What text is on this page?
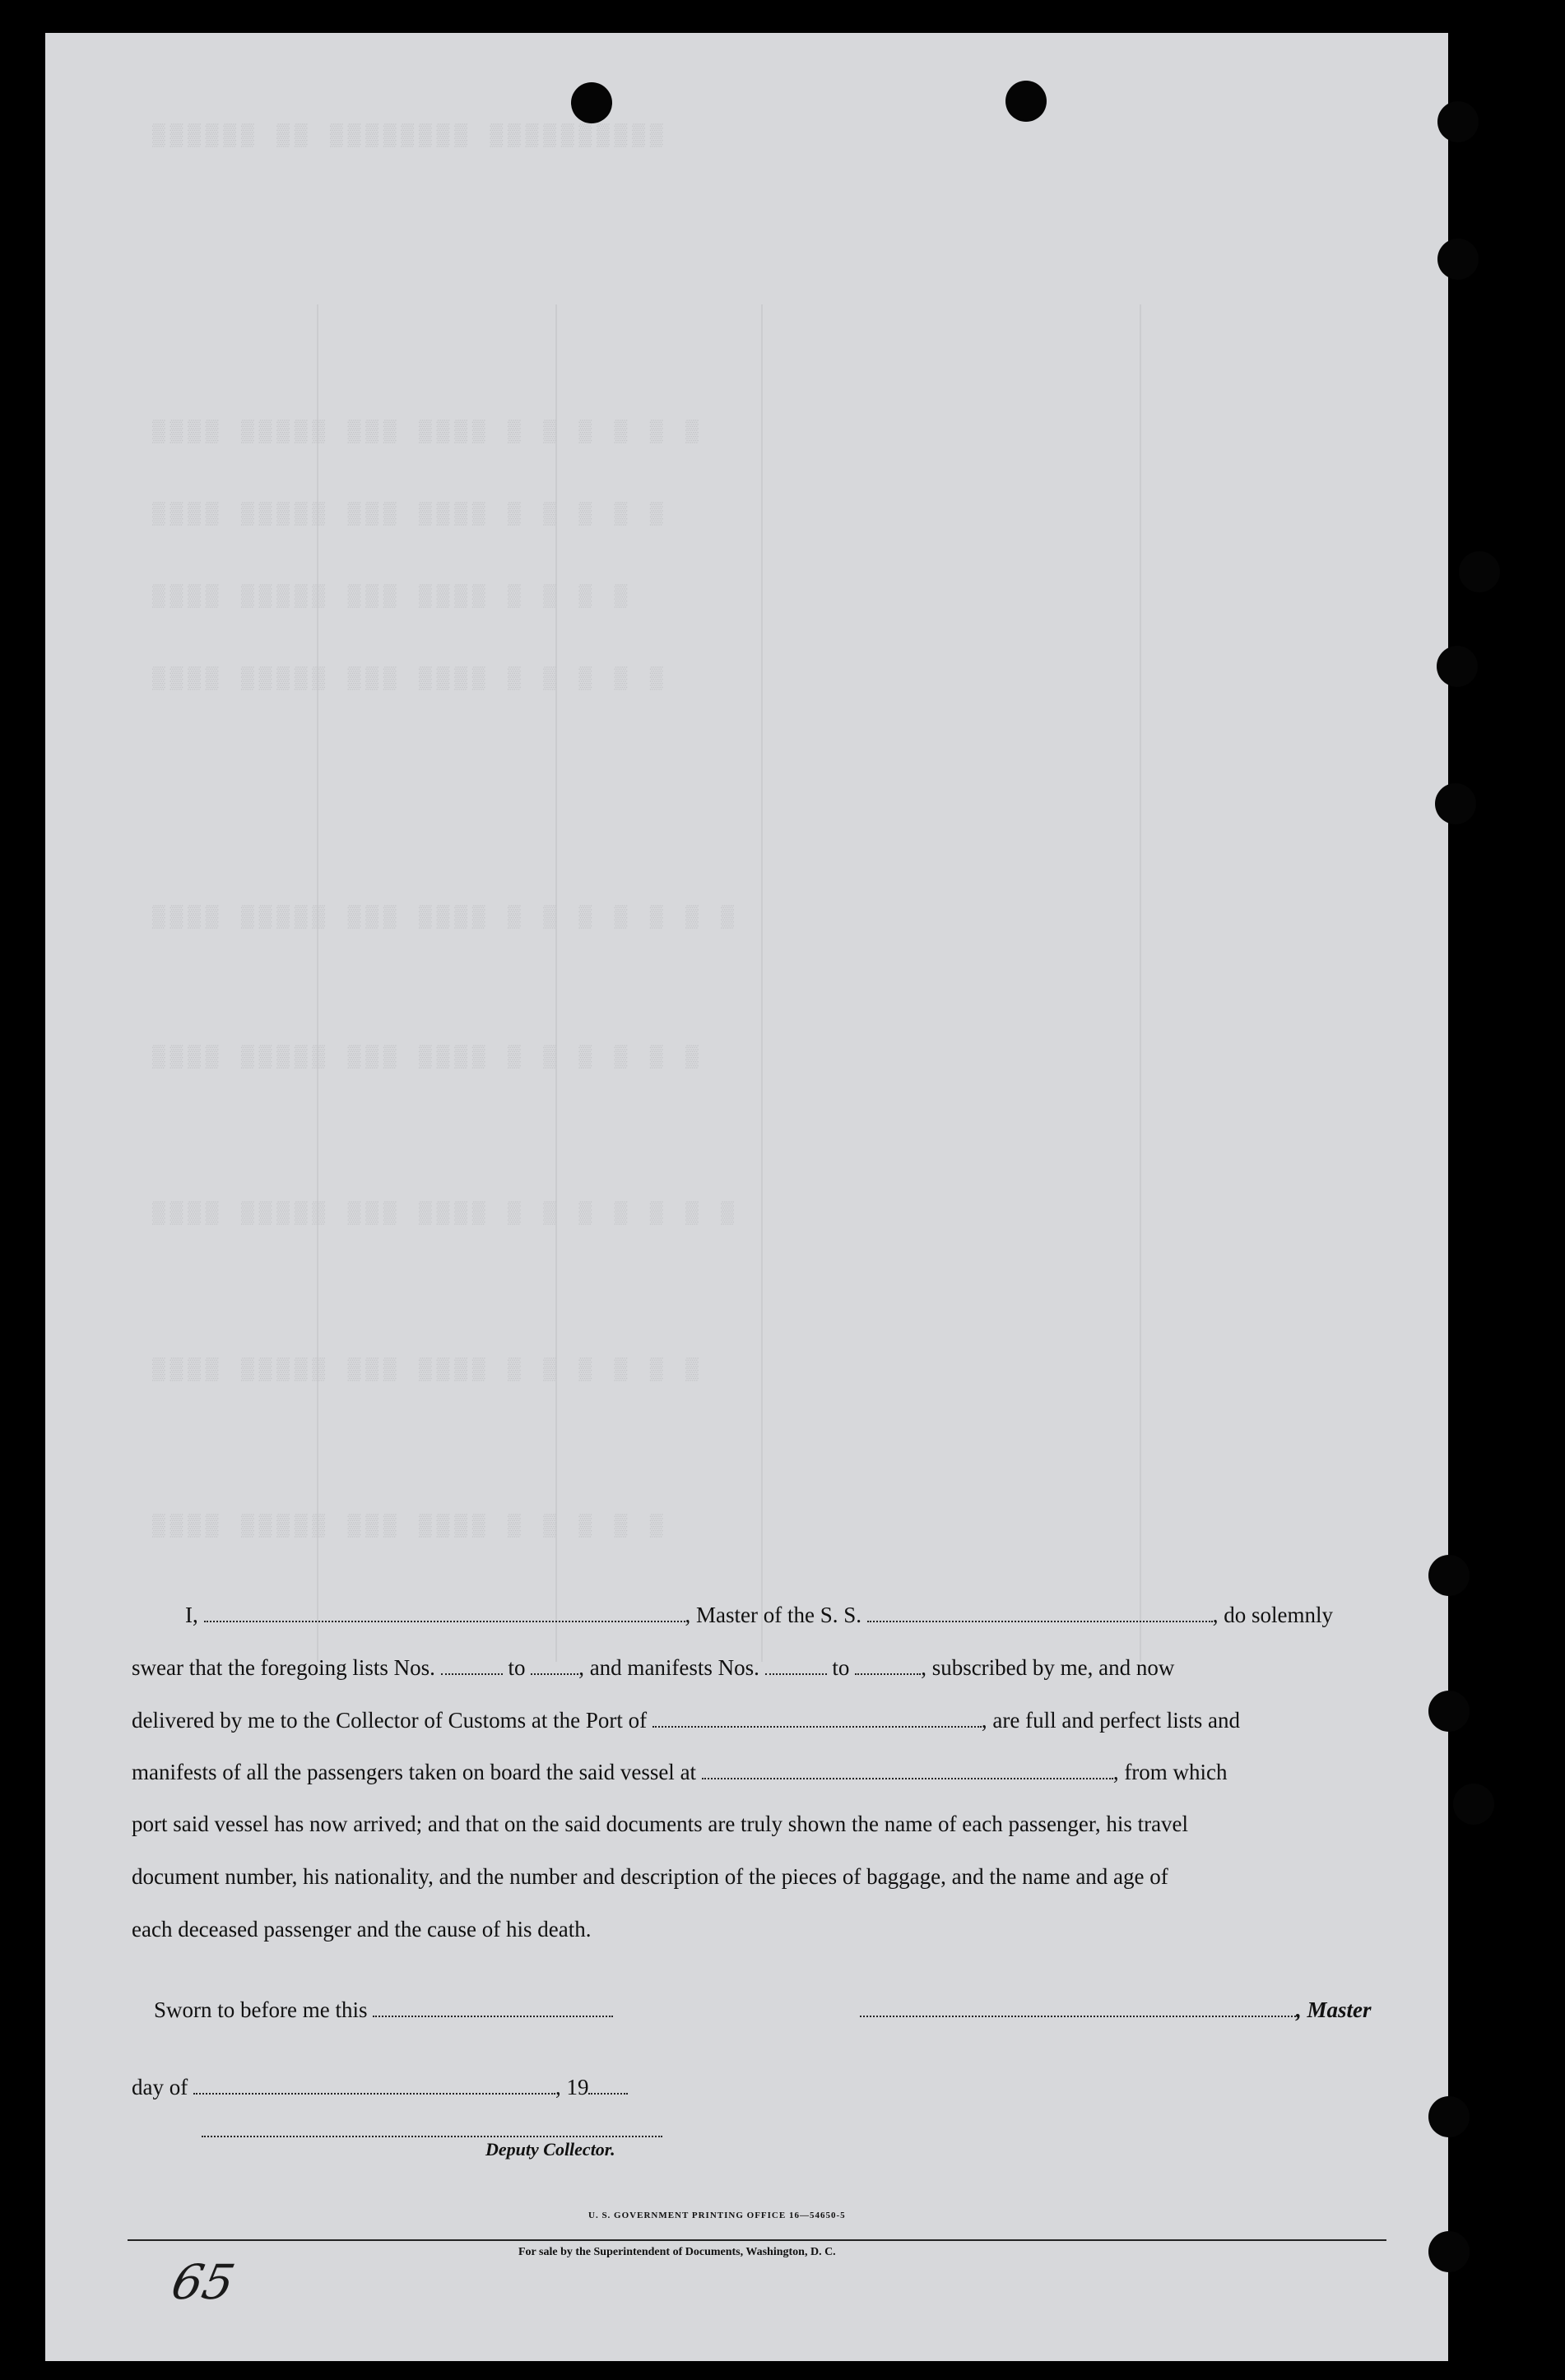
▒▒▒▒▒▒ ▒▒ ▒▒▒▒▒▒▒▒ ▒▒▒▒▒▒▒▒▒▒
▒▒▒▒ ▒▒▒▒▒ ▒▒▒ ▒▒▒▒ ▒ ▒ ▒ ▒ ▒ ▒
▒▒▒▒ ▒▒▒▒▒ ▒▒▒ ▒▒▒▒ ▒ ▒ ▒ ▒ ▒
▒▒▒▒ ▒▒▒▒▒ ▒▒▒ ▒▒▒▒ ▒ ▒ ▒ ▒
▒▒▒▒ ▒▒▒▒▒ ▒▒▒ ▒▒▒▒ ▒ ▒ ▒ ▒ ▒
▒▒▒▒ ▒▒▒▒▒ ▒▒▒ ▒▒▒▒ ▒ ▒ ▒ ▒ ▒ ▒ ▒
▒▒▒▒ ▒▒▒▒▒ ▒▒▒ ▒▒▒▒ ▒ ▒ ▒ ▒ ▒ ▒
▒▒▒▒ ▒▒▒▒▒ ▒▒▒ ▒▒▒▒ ▒ ▒ ▒ ▒ ▒ ▒ ▒
▒▒▒▒ ▒▒▒▒▒ ▒▒▒ ▒▒▒▒ ▒ ▒ ▒ ▒ ▒ ▒
▒▒▒▒ ▒▒▒▒▒ ▒▒▒ ▒▒▒▒ ▒ ▒ ▒ ▒ ▒
I,	, Master of the S. S.	, do solemnly
swear that the foregoing lists Nos.	to , and manifests Nos.	to	, subscribed by me, and now
delivered by me to the Collector of Customs at the Port of	, are full and perfect lists and
manifests of all the passengers taken on board the said vessel at	, from which
port said vessel has now arrived; and that on the said documents are truly shown the name of each passenger, his travel
document number, his nationality, and the number and description of the pieces of baggage, and the name and age of
each deceased passenger and the cause of his death.
Sworn to before me this	, Master
day of	, 19
Deputy Collector.
U. S. GOVERNMENT PRINTING OFFICE 16—54650-5
For sale by the Superintendent of Documents, Washington, D. C.
65
